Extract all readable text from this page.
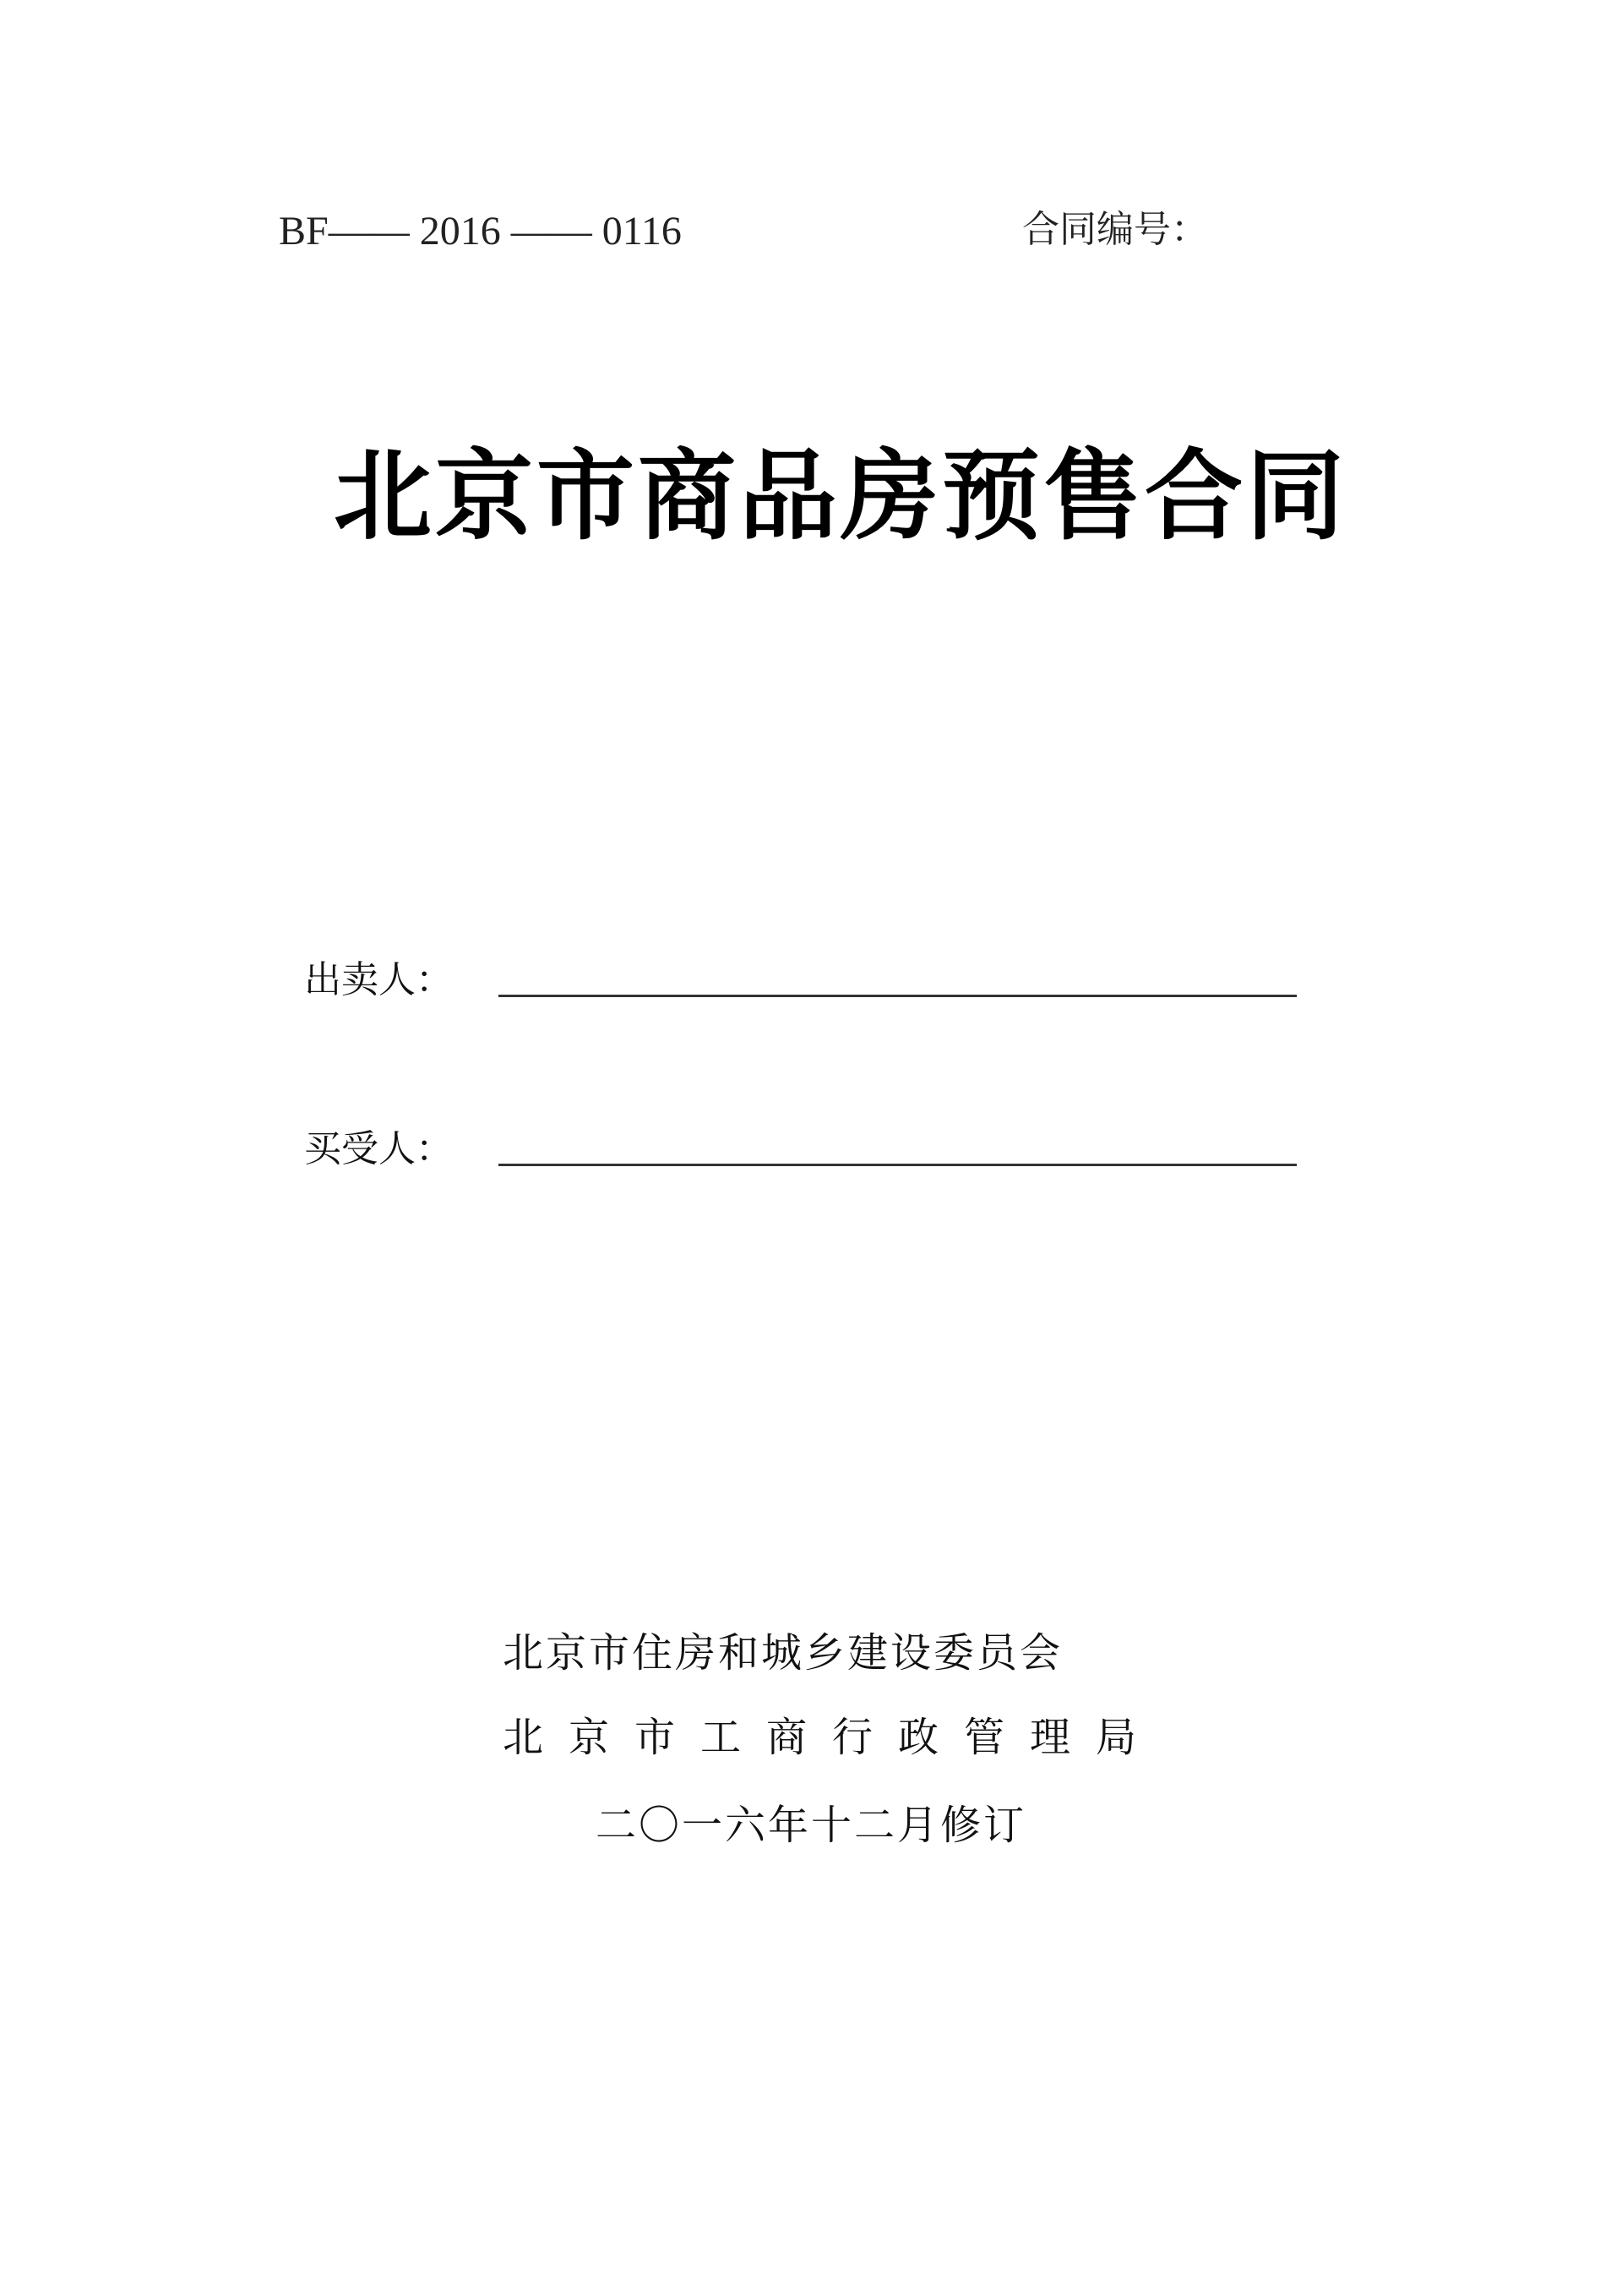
BF—— 2016 —— 0116	合同编号：
北京市商品房预售合同
出卖人：
买受人：
北京市住房和城乡建设委员会
北京市工商行政管理局
二〇一六年十二月修订
